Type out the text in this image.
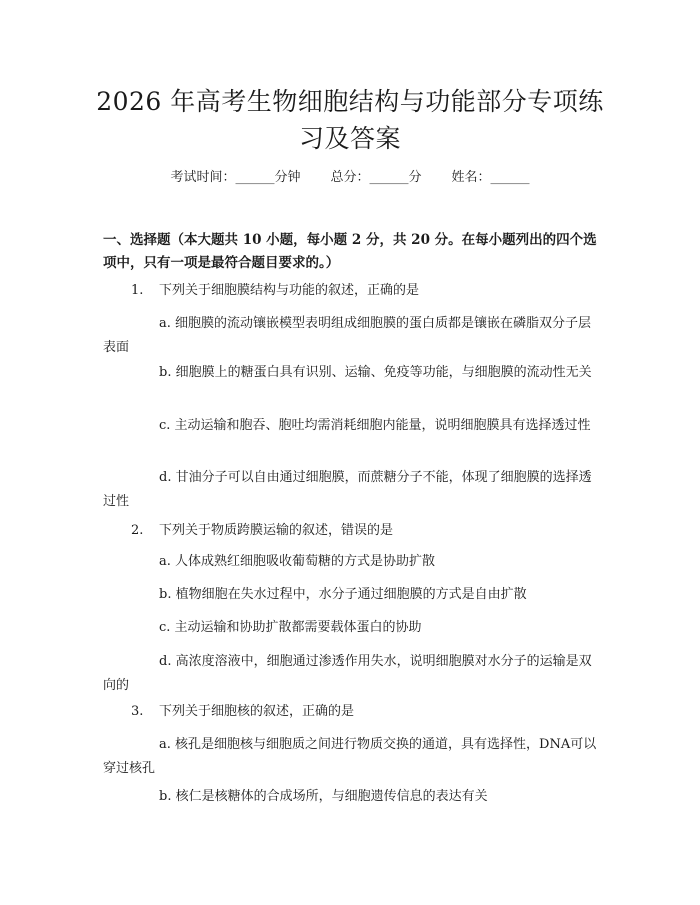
2026 年高考生物细胞结构与功能部分专项练习及答案
考试时间：______分钟 总分：______分 姓名：______
一、选择题（本大题共 10 小题，每小题 2 分，共 20 分。在每小题列出的四个选项中，只有一项是最符合题目要求的。）
1. 下列关于细胞膜结构与功能的叙述，正确的是
a. 细胞膜的流动镶嵌模型表明组成细胞膜的蛋白质都是镶嵌在磷脂双分子层表面
b. 细胞膜上的糖蛋白具有识别、运输、免疫等功能，与细胞膜的流动性无关
c. 主动运输和胞吞、胞吐均需消耗细胞内能量，说明细胞膜具有选择透过性
d. 甘油分子可以自由通过细胞膜，而蔗糖分子不能，体现了细胞膜的选择透过性
2. 下列关于物质跨膜运输的叙述，错误的是
a. 人体成熟红细胞吸收葡萄糖的方式是协助扩散
b. 植物细胞在失水过程中，水分子通过细胞膜的方式是自由扩散
c. 主动运输和协助扩散都需要载体蛋白的协助
d. 高浓度溶液中，细胞通过渗透作用失水，说明细胞膜对水分子的运输是双向的
3. 下列关于细胞核的叙述，正确的是
a. 核孔是细胞核与细胞质之间进行物质交换的通道，具有选择性，DNA可以穿过核孔
b. 核仁是核糖体的合成场所，与细胞遗传信息的表达有关
